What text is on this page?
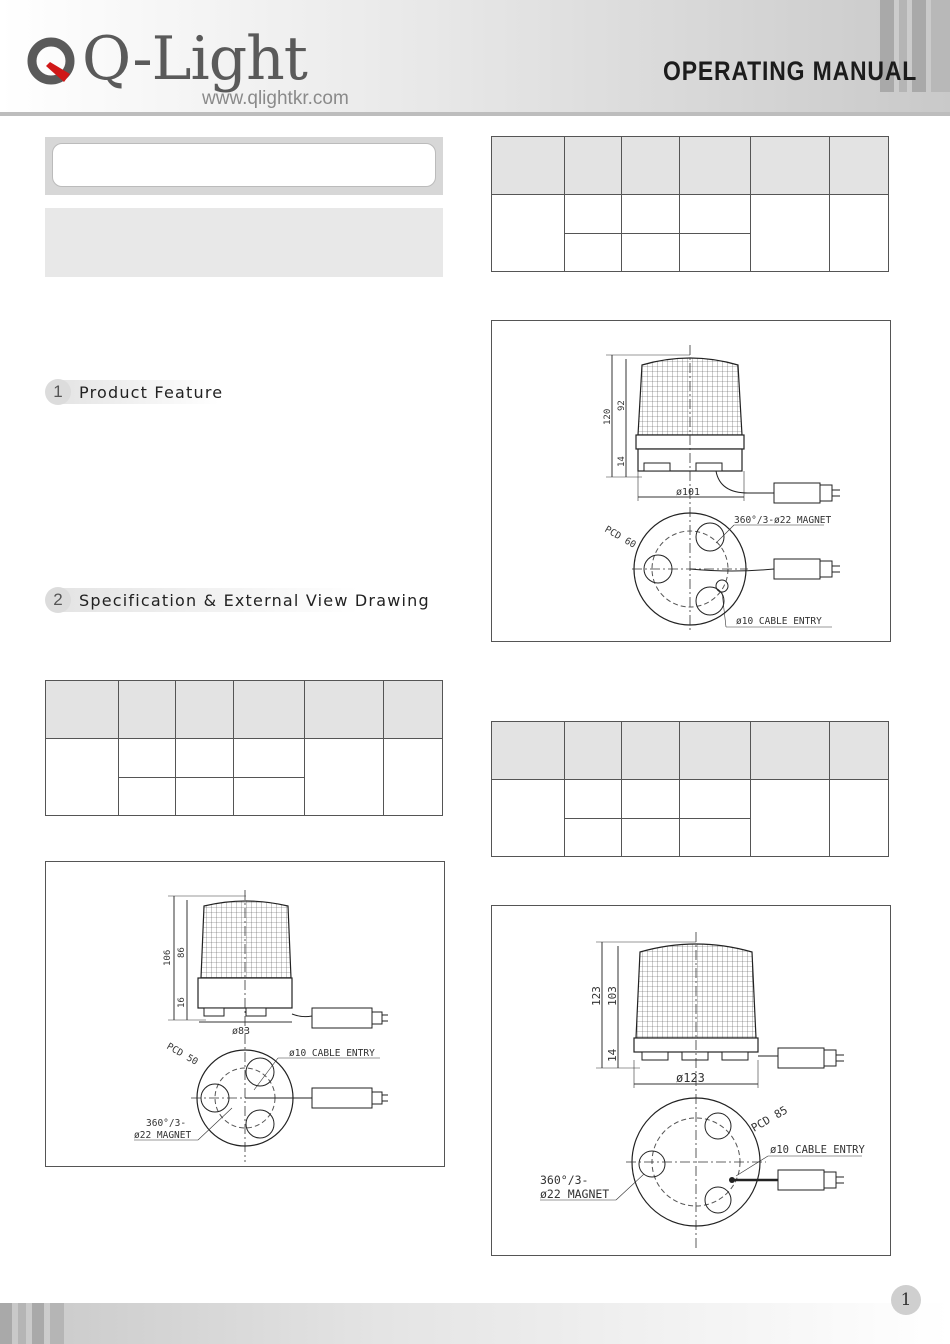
Q-Light
www.qlightkr.com
OPERATING MANUAL
1	Product Feature
2	Specification & External View Drawing

106 86
16
ø83
ø10 CABLE ENTRY
PCD 50
360°/3-
ø22 MAGNET
120
92
14
ø101
360°/3-ø22 MAGNET
PCD 60
ø10 CABLE ENTRY
123 103
14
ø123
ø10 CABLE ENTRY
PCD 85
360°/3-
ø22 MAGNET
1
